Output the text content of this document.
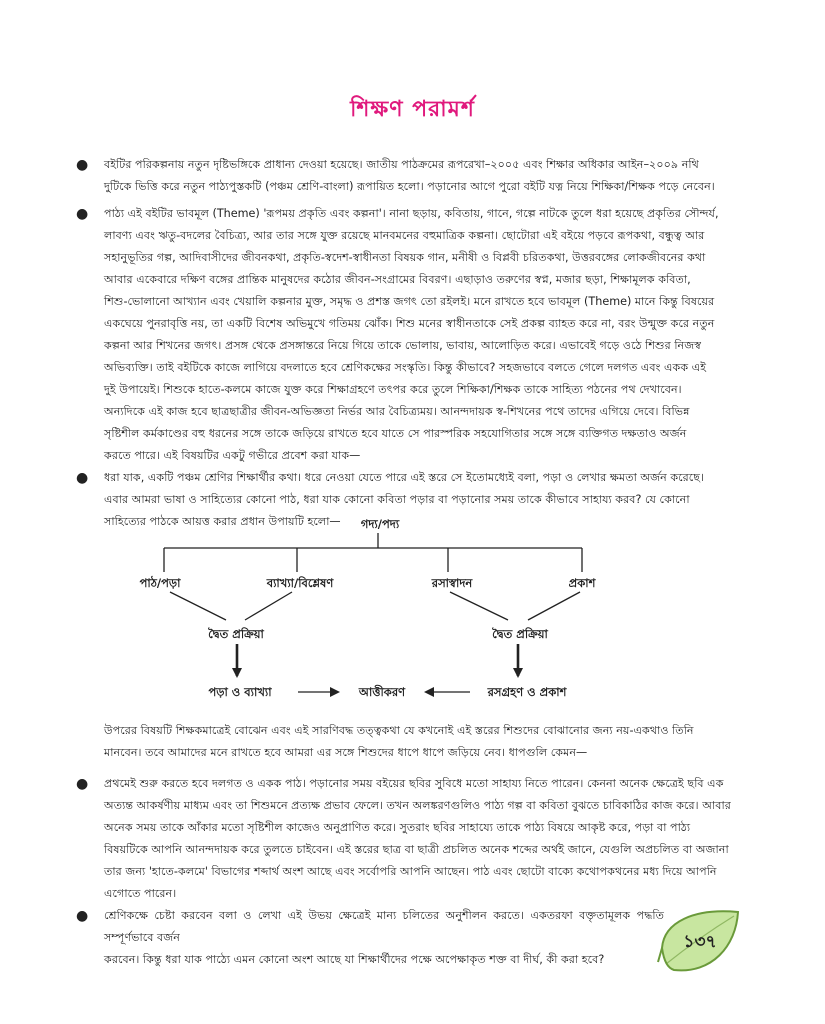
শিক্ষণ পরামর্শ
● বইটির পরিকল্পনায় নতুন দৃষ্টিভঙ্গিকে প্রাধান্য দেওয়া হয়েছে। জাতীয় পাঠক্রমের রূপরেখা–২০০৫ এবং শিক্ষার অধিকার আইন–২০০৯ নথি
দুটিকে ভিত্তি করে নতুন পাঠ্যপুস্তকটি (পঞ্চম শ্রেণি-বাংলা) রূপায়িত হলো। পড়ানোর আগে পুরো বইটি যত্ন নিয়ে শিক্ষিকা/শিক্ষক পড়ে নেবেন।
● পাঠ্য এই বইটির ভাবমূল (Theme) 'রূপময় প্রকৃতি এবং কল্পনা'। নানা ছড়ায়, কবিতায়, গানে, গল্পে নাটকে তুলে ধরা হয়েছে প্রকৃতির সৌন্দর্য,
লাবণ্য এবং ঋতু-বদলের বৈচিত্র্য, আর তার সঙ্গে যুক্ত রয়েছে মানবমনের বহুমাত্রিক কল্পনা। ছোটোরা এই বইয়ে পড়বে রূপকথা, বন্ধুত্ব আর
সহানুভূতির গল্প, আদিবাসীদের জীবনকথা, প্রকৃতি-স্বদেশ-স্বাধীনতা বিষয়ক গান, মনীষী ও বিপ্লবী চরিতকথা, উত্তরবঙ্গের লোকজীবনের কথা
আবার একেবারে দক্ষিণ বঙ্গের প্রান্তিক মানুষদের কঠোর জীবন-সংগ্রামের বিবরণ। এছাড়াও তরুণের স্বপ্ন, মজার ছড়া, শিক্ষামূলক কবিতা,
শিশু-ভোলানো আখ্যান এবং খেয়ালি কল্পনার মুক্ত, সমৃদ্ধ ও প্রশস্ত জগৎ তো রইলই। মনে রাখতে হবে ভাবমূল (Theme) মানে কিন্তু বিষয়ের
একঘেয়ে পুনরাবৃত্তি নয়, তা একটি বিশেষ অভিমুখে গতিময় ঝোঁক। শিশু মনের স্বাধীনতাকে সেই প্রকল্প ব্যাহত করে না, বরং উন্মুক্ত করে নতুন
কল্পনা আর শিখনের জগৎ। প্রসঙ্গ থেকে প্রসঙ্গান্তরে নিয়ে গিয়ে তাকে ভোলায়, ভাবায়, আলোড়িত করে। এভাবেই গড়ে ওঠে শিশুর নিজস্ব
অভিব্যক্তি। তাই বইটিকে কাজে লাগিয়ে বদলাতে হবে শ্রেণিকক্ষের সংস্কৃতি। কিন্তু কীভাবে? সহজভাবে বলতে গেলে দলগত এবং একক এই
দুই উপায়েই। শিশুকে হাতে-কলমে কাজে যুক্ত করে শিক্ষাগ্রহণে তৎপর করে তুলে শিক্ষিকা/শিক্ষক তাকে সাহিত্য পঠনের পথ দেখাবেন।
অন্যদিকে এই কাজ হবে ছাত্রছাত্রীর জীবন-অভিজ্ঞতা নির্ভর আর বৈচিত্র্যময়। আনন্দদায়ক স্ব-শিখনের পথে তাদের এগিয়ে দেবে। বিভিন্ন
সৃষ্টিশীল কর্মকাণ্ডের বহু ধরনের সঙ্গে তাকে জড়িয়ে রাখতে হবে যাতে সে পারস্পরিক সহযোগিতার সঙ্গে সঙ্গে ব্যক্তিগত দক্ষতাও অর্জন
করতে পারে। এই বিষয়টির একটু গভীরে প্রবেশ করা যাক—
● ধরা যাক, একটি পঞ্চম শ্রেণির শিক্ষার্থীর কথা। ধরে নেওয়া যেতে পারে এই স্তরে সে ইতোমধ্যেই বলা, পড়া ও লেখার ক্ষমতা অর্জন করেছে।
এবার আমরা ভাষা ও সাহিত্যের কোনো পাঠ, ধরা যাক কোনো কবিতা পড়ার বা পড়ানোর সময় তাকে কীভাবে সাহায্য করব? যে কোনো
সাহিত্যের পাঠকে আয়ত্ত করার প্রধান উপায়টি হলো—	গদ্য/পদ্য
পাঠ/পড়া	ব্যাখ্যা/বিশ্লেষণ	রসাস্বাদন	প্রকাশ
দ্বৈত প্রক্রিয়া	দ্বৈত প্রক্রিয়া
পড়া ও ব্যাখ্যা	আত্তীকরণ	রসগ্রহণ ও প্রকাশ
উপরের বিষয়টি শিক্ষকমাত্রেই বোঝেন এবং এই সারণিবদ্ধ তত্ত্বকথা যে কখনোই এই স্তরের শিশুদের বোঝানোর জন্য নয়-একথাও তিনি
মানবেন। তবে আমাদের মনে রাখতে হবে আমরা এর সঙ্গে শিশুদের ধাপে ধাপে জড়িয়ে নেব। ধাপগুলি কেমন—
● প্রথমেই শুরু করতে হবে দলগত ও একক পাঠ। পড়ানোর সময় বইয়ের ছবির সুবিধে মতো সাহায্য নিতে পারেন। কেননা অনেক ক্ষেত্রেই ছবি এক
অত্যন্ত আকর্ষণীয় মাধ্যম এবং তা শিশুমনে প্রত্যক্ষ প্রভাব ফেলে। তখন অলঙ্করণগুলিও পাঠ্য গল্প বা কবিতা বুঝতে চাবিকাঠির কাজ করে। আবার
অনেক সময় তাকে আঁকার মতো সৃষ্টিশীল কাজেও অনুপ্রাণিত করে। সুতরাং ছবির সাহায্যে তাকে পাঠ্য বিষয়ে আকৃষ্ট করে, পড়া বা পাঠ্য
বিষয়টিকে আপনি আনন্দদায়ক করে তুলতে চাইবেন। এই স্তরের ছাত্র বা ছাত্রী প্রচলিত অনেক শব্দের অর্থই জানে, যেগুলি অপ্রচলিত বা অজানা
তার জন্য 'হাতে-কলমে' বিভাগের শব্দার্থ অংশ আছে এবং সর্বোপরি আপনি আছেন। পাঠ এবং ছোটো বাক্যে কথোপকথনের মধ্য দিয়ে আপনি
এগোতে পারেন।
● শ্রেণিকক্ষে চেষ্টা করবেন বলা ও লেখা এই উভয় ক্ষেত্রেই মান্য চলিতের অনুশীলন করতে। একতরফা বক্তৃতামূলক পদ্ধতি সম্পূর্ণভাবে বর্জন
করবেন। কিন্তু ধরা যাক পাঠ্যে এমন কোনো অংশ আছে যা শিক্ষার্থীদের পক্ষে অপেক্ষাকৃত শক্ত বা দীর্ঘ, কী করা হবে?
১৩৭
